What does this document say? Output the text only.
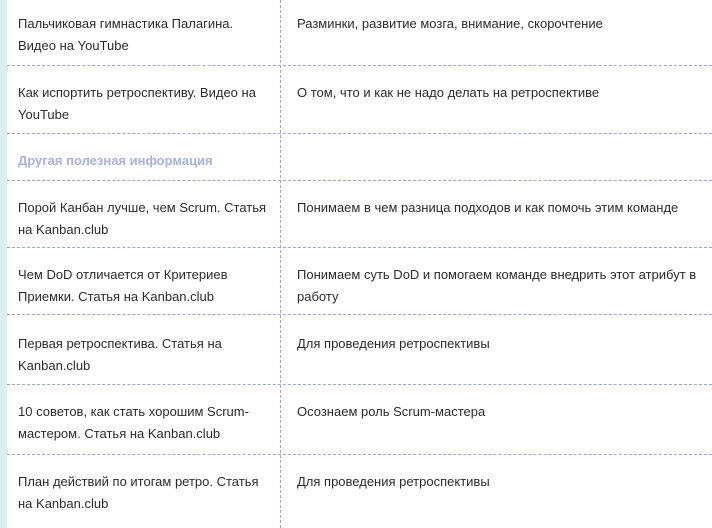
Пальчиковая гимнастика Палагина. Видео на YouTube
Разминки, развитие мозга, внимание, скорочтение
Как испортить ретроспективу. Видео на YouTube
О том, что и как не надо делать на ретроспективе
Другая полезная информация
Порой Канбан лучше, чем Scrum. Статья на Kanban.club
Понимаем в чем разница подходов и как помочь этим команде
Чем DoD отличается от Критериев Приемки. Статья на Kanban.club
Понимаем суть DoD и помогаем команде внедрить этот атрибут в работу
Первая ретроспектива. Статья на Kanban.club
Для проведения ретроспективы
10 советов, как стать хорошим Scrum-мастером. Статья на Kanban.club
Осознаем роль Scrum-мастера
План действий по итогам ретро. Статья на Kanban.club
Для проведения ретроспективы
